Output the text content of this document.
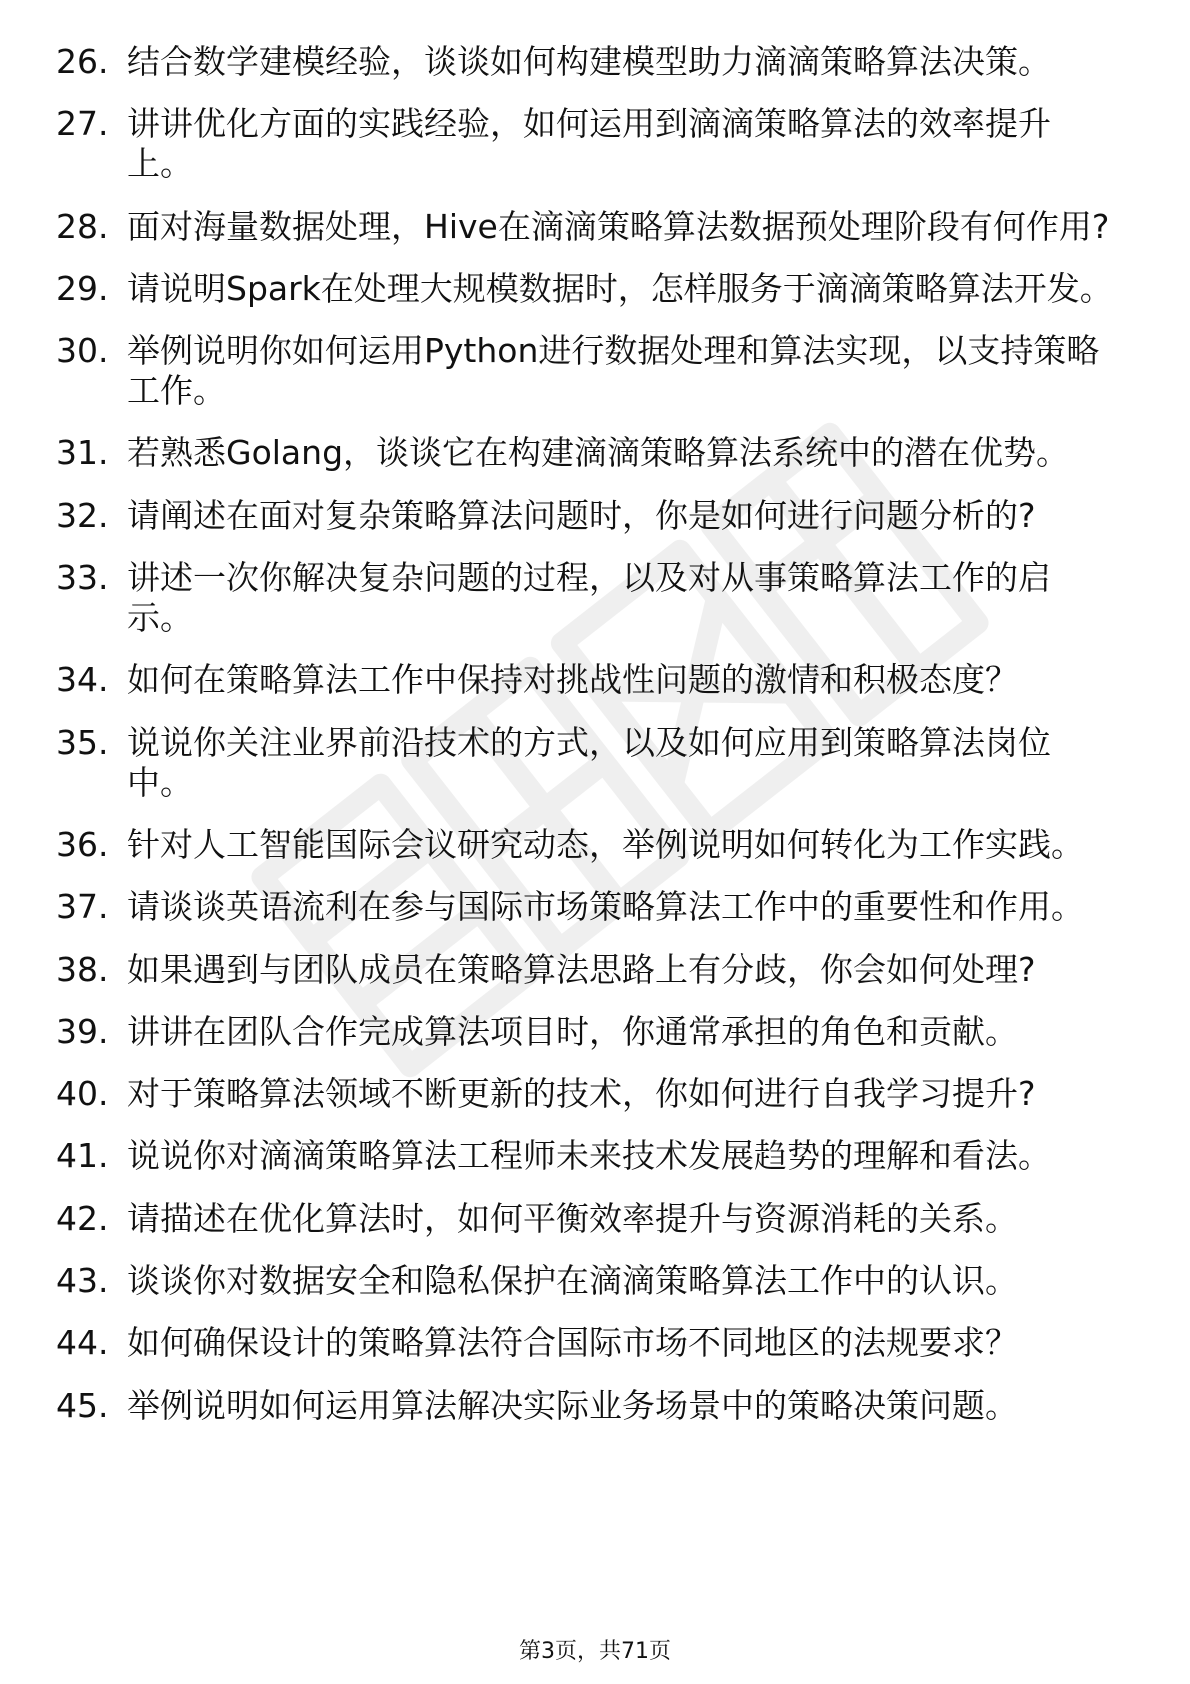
26. 结合数学建模经验，谈谈如何构建模型助力滴滴策略算法决策。
27. 讲讲优化方面的实践经验，如何运用到滴滴策略算法的效率提升上。
28. 面对海量数据处理，Hive在滴滴策略算法数据预处理阶段有何作用?
29. 请说明Spark在处理大规模数据时，怎样服务于滴滴策略算法开发。
30. 举例说明你如何运用Python进行数据处理和算法实现，以支持策略工作。
31. 若熟悉Golang，谈谈它在构建滴滴策略算法系统中的潜在优势。
32. 请阐述在面对复杂策略算法问题时，你是如何进行问题分析的?
33. 讲述一次你解决复杂问题的过程，以及对从事策略算法工作的启示。
34. 如何在策略算法工作中保持对挑战性问题的激情和积极态度？
35. 说说你关注业界前沿技术的方式，以及如何应用到策略算法岗位中。
36. 针对人工智能国际会议研究动态，举例说明如何转化为工作实践。
37. 请谈谈英语流利在参与国际市场策略算法工作中的重要性和作用。
38. 如果遇到与团队成员在策略算法思路上有分歧，你会如何处理?
39. 讲讲在团队合作完成算法项目时，你通常承担的角色和贡献。
40. 对于策略算法领域不断更新的技术，你如何进行自我学习提升?
41. 说说你对滴滴策略算法工程师未来技术发展趋势的理解和看法。
42. 请描述在优化算法时，如何平衡效率提升与资源消耗的关系。
43. 谈谈你对数据安全和隐私保护在滴滴策略算法工作中的认识。
44. 如何确保设计的策略算法符合国际市场不同地区的法规要求？
45. 举例说明如何运用算法解决实际业务场景中的策略决策问题。
第3页，共71页
